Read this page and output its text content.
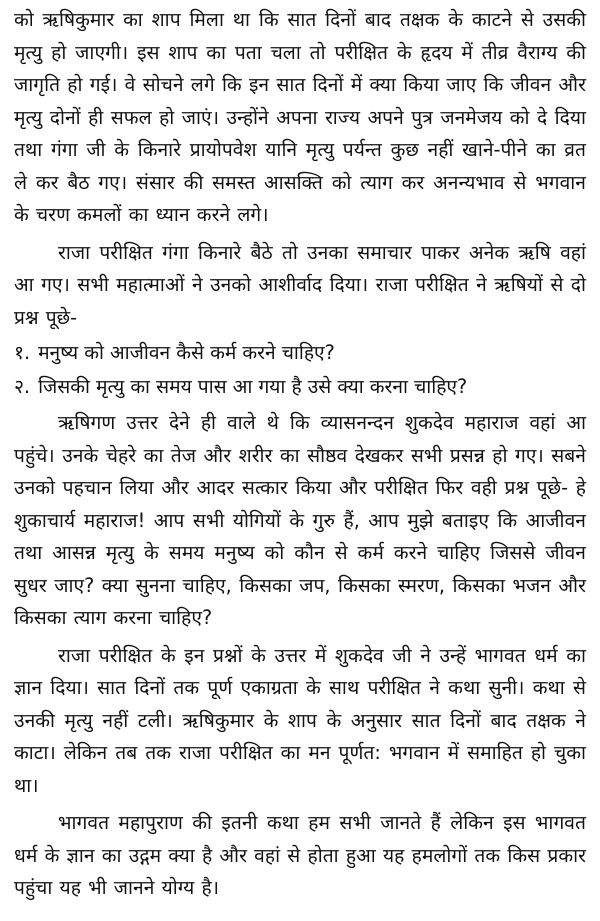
को ऋषिकुमार का शाप मिला था कि सात दिनों बाद तक्षक के काटने से उसकी मृत्यु हो जाएगी। इस शाप का पता चला तो परीक्षित के हृदय में तीव्र वैराग्य की जागृति हो गई। वे सोचने लगे कि इन सात दिनों में क्या किया जाए कि जीवन और मृत्यु दोनों ही सफल हो जाएं। उन्होंने अपना राज्य अपने पुत्र जनमेजय को दे दिया तथा गंगा जी के किनारे प्रायोपवेश यानि मृत्यु पर्यन्त कुछ नहीं खाने-पीने का व्रत ले कर बैठ गए। संसार की समस्त आसक्ति को त्याग कर अनन्यभाव से भगवान के चरण कमलों का ध्यान करने लगे।

राजा परीक्षित गंगा किनारे बैठे तो उनका समाचार पाकर अनेक ऋषि वहां आ गए। सभी महात्माओं ने उनको आशीर्वाद दिया। राजा परीक्षित ने ऋषियों से दो प्रश्न पूछे-

१. मनुष्य को आजीवन कैसे कर्म करने चाहिए?
२. जिसकी मृत्यु का समय पास आ गया है उसे क्या करना चाहिए?

ऋषिगण उत्तर देने ही वाले थे कि व्यासनन्दन शुकदेव महाराज वहां आ पहुंचे। उनके चेहरे का तेज और शरीर का सौष्ठव देखकर सभी प्रसन्न हो गए। सबने उनको पहचान लिया और आदर सत्कार किया और परीक्षित फिर वही प्रश्न पूछे- हे शुकाचार्य महाराज! आप सभी योगियों के गुरु हैं, आप मुझे बताइए कि आजीवन तथा आसन्न मृत्यु के समय मनुष्य को कौन से कर्म करने चाहिए जिससे जीवन सुधर जाए? क्या सुनना चाहिए, किसका जप, किसका स्मरण, किसका भजन और किसका त्याग करना चाहिए?

राजा परीक्षित के इन प्रश्नों के उत्तर में शुकदेव जी ने उन्हें भागवत धर्म का ज्ञान दिया। सात दिनों तक पूर्ण एकाग्रता के साथ परीक्षित ने कथा सुनी। कथा से उनकी मृत्यु नहीं टली। ऋषिकुमार के शाप के अनुसार सात दिनों बाद तक्षक ने काटा। लेकिन तब तक राजा परीक्षित का मन पूर्णत: भगवान में समाहित हो चुका था।

भागवत महापुराण की इतनी कथा हम सभी जानते हैं लेकिन इस भागवत धर्म के ज्ञान का उद्गम क्या है और वहां से होता हुआ यह हमलोगों तक किस प्रकार पहुंचा यह भी जानने योग्य है।
